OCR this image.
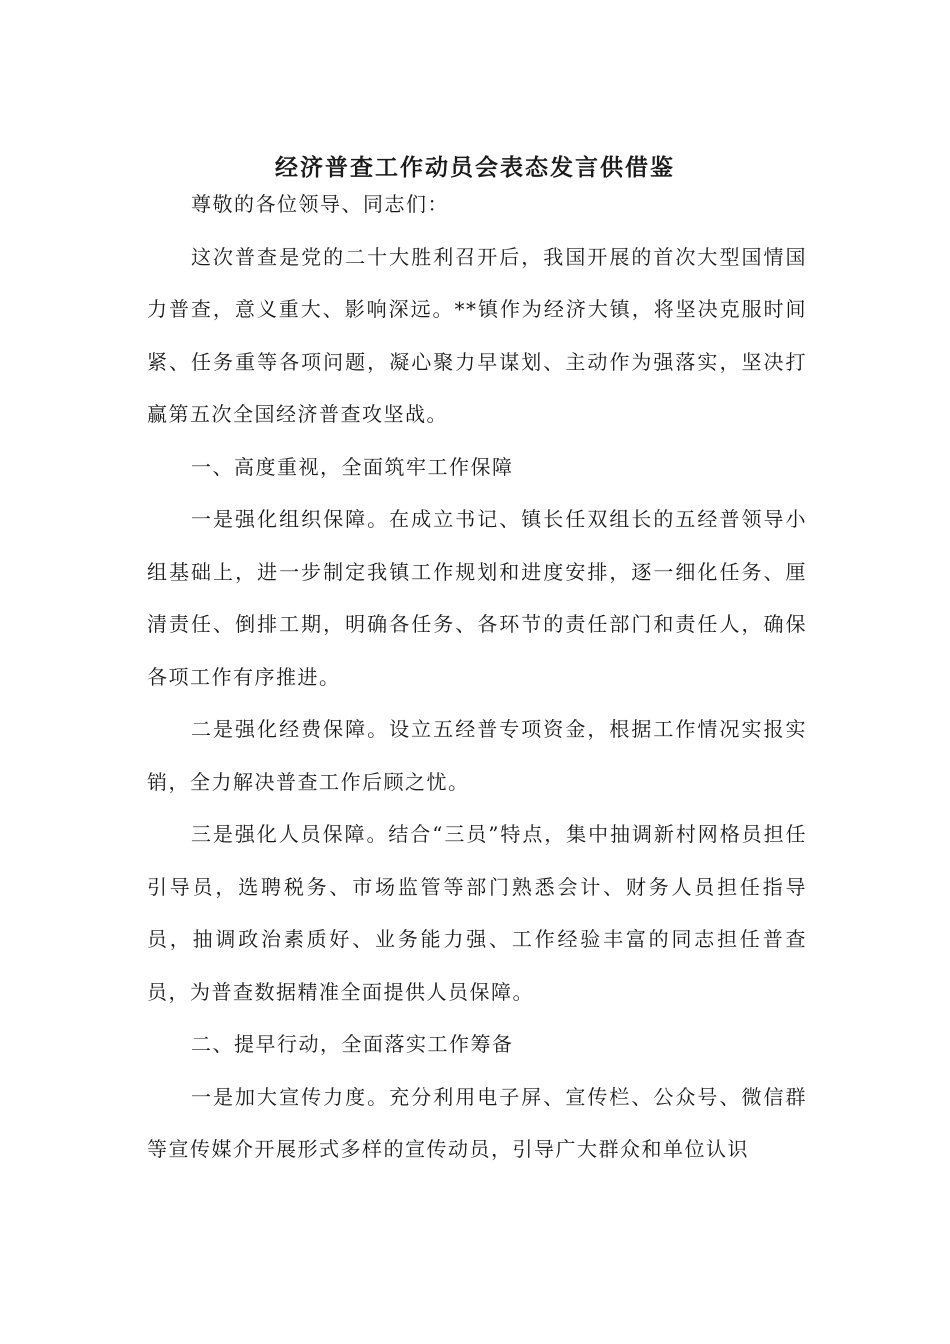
经济普查工作动员会表态发言供借鉴

尊敬的各位领导、同志们：

这次普查是党的二十大胜利召开后，我国开展的首次大型国情国力普查，意义重大、影响深远。**镇作为经济大镇，将坚决克服时间紧、任务重等各项问题，凝心聚力早谋划、主动作为强落实，坚决打赢第五次全国经济普查攻坚战。

一、高度重视，全面筑牢工作保障

一是强化组织保障。在成立书记、镇长任双组长的五经普领导小组基础上，进一步制定我镇工作规划和进度安排，逐一细化任务、厘清责任、倒排工期，明确各任务、各环节的责任部门和责任人，确保各项工作有序推进。

二是强化经费保障。设立五经普专项资金，根据工作情况实报实销，全力解决普查工作后顾之忧。

三是强化人员保障。结合“三员”特点，集中抽调新村网格员担任引导员，选聘税务、市场监管等部门熟悉会计、财务人员担任指导员，抽调政治素质好、业务能力强、工作经验丰富的同志担任普查员，为普查数据精准全面提供人员保障。

二、提早行动，全面落实工作筹备

一是加大宣传力度。充分利用电子屏、宣传栏、公众号、微信群等宣传媒介开展形式多样的宣传动员，引导广大群众和单位认识
